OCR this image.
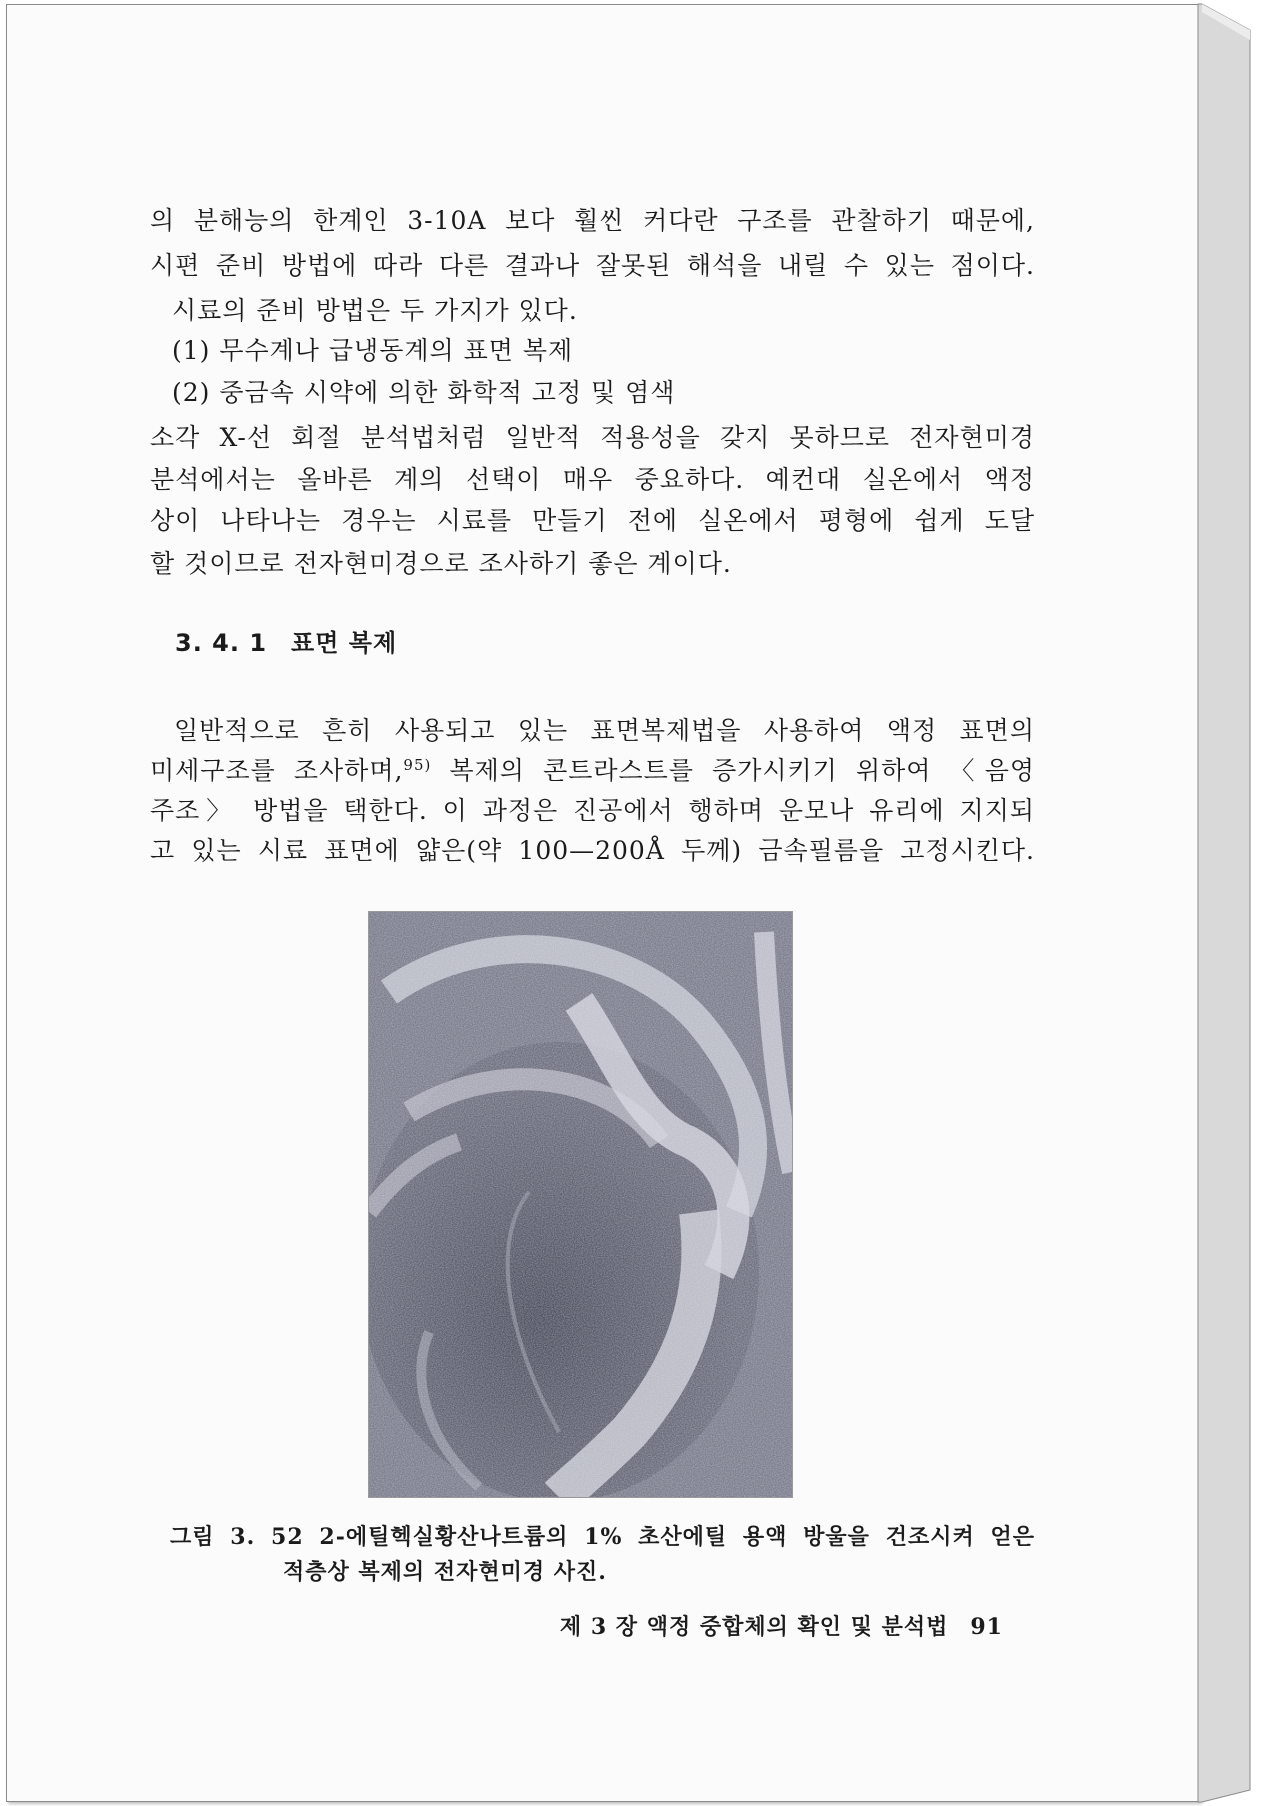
의 분해능의 한계인 3-10A 보다 훨씬 커다란 구조를 관찰하기 때문에,
시편 준비 방법에 따라 다른 결과나 잘못된 해석을 내릴 수 있는 점이다.
시료의 준비 방법은 두 가지가 있다.
(1) 무수계나 급냉동계의 표면 복제
(2) 중금속 시약에 의한 화학적 고정 및 염색
소각 X-선 회절 분석법처럼 일반적 적용성을 갖지 못하므로 전자현미경
분석에서는 올바른 계의 선택이 매우 중요하다. 예컨대 실온에서 액정
상이 나타나는 경우는 시료를 만들기 전에 실온에서 평형에 쉽게 도달
할 것이므로 전자현미경으로 조사하기 좋은 계이다.
3. 4. 1 표면 복제
일반적으로 흔히 사용되고 있는 표면복제법을 사용하여 액정 표면의
미세구조를 조사하며,$^{95)}$ 복제의 콘트라스트를 증가시키기 위하여 〈음영
주조〉 방법을 택한다. 이 과정은 진공에서 행하며 운모나 유리에 지지되
고 있는 시료 표면에 얇은(약 100—200Å 두께) 금속필름을 고정시킨다.
그림 3. 52 2-에틸헥실황산나트륨의 1% 초산에틸 용액 방울을 건조시켜 얻은
적층상 복제의 전자현미경 사진.
제 3 장 액정 중합체의 확인 및 분석법 91
